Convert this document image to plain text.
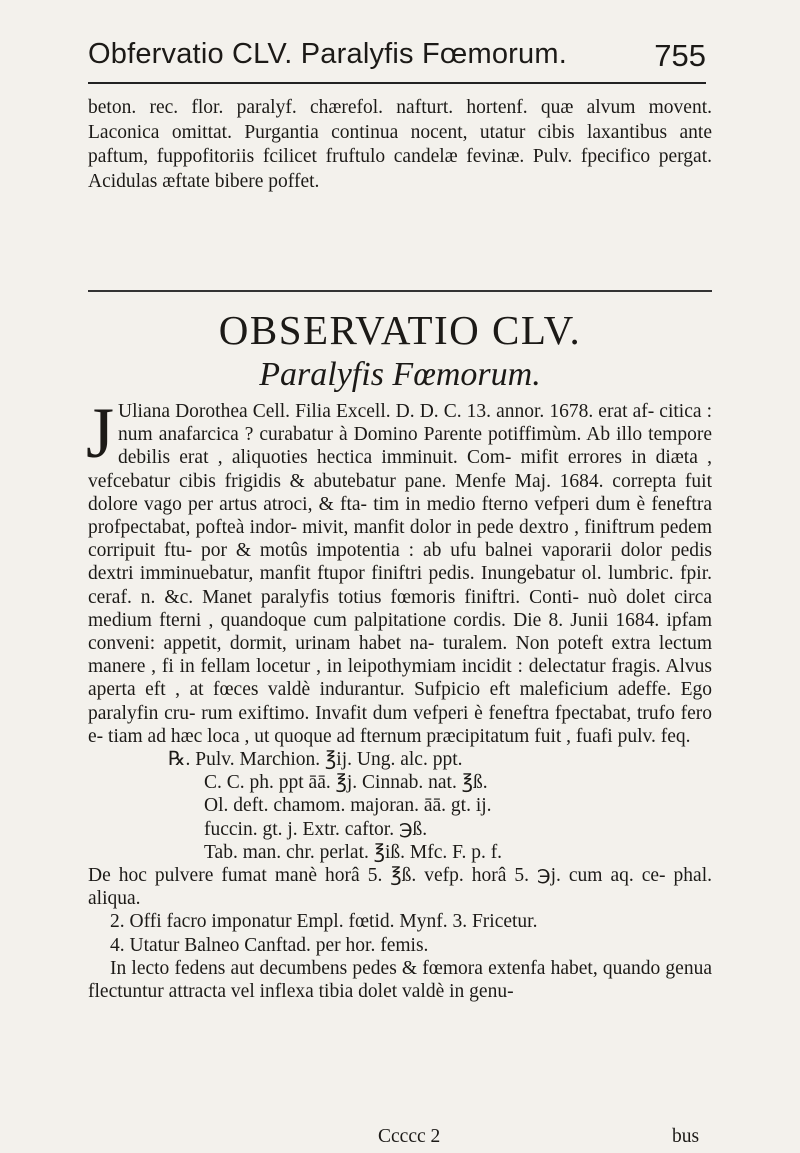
Obfervatio CLV. Paralyfis Fœmorum.	755
beton. rec. flor. paralyf. chærefol. nafturt. hortenf. quæ alvum movent. Laconica omittat. Purgantia continua nocent, utatur cibis laxantibus ante paftum, fuppofitoriis fcilicet fruftulo candelæ fevinæ. Pulv. fpecifico pergat. Acidulas æftate bibere poffet.
OBSERVATIO CLV.
Paralyfis Fœmorum.

J Uliana Dorothea Cell. Filia Excell. D. D. C. 13. annor. 1678. erat af- citica : num anafarcica ? curabatur à Domino Parente potiffimùm. Ab illo tempore debilis erat , aliquoties hectica imminuit. Com- mifit errores in diæta , vefcebatur cibis frigidis & abutebatur pane. Menfe Maj. 1684. correpta fuit dolore vago per artus atroci, & fta- tim in medio fterno vefperi dum è feneftra profpectabat, pofteà indor- mivit, manfit dolor in pede dextro , finiftrum pedem corripuit ftu- por & motûs impotentia : ab ufu balnei vaporarii dolor pedis dextri imminuebatur, manfit ftupor finiftri pedis. Inungebatur ol. lumbric. fpir. ceraf. n. &c. Manet paralyfis totius fœmoris finiftri. Conti- nuò dolet circa medium fterni , quandoque cum palpitatione cordis. Die 8. Junii 1684. ipfam conveni: appetit, dormit, urinam habet na- turalem. Non poteft extra lectum manere , fi in fellam locetur , in leipothymiam incidit : delectatur fragis. Alvus aperta eft , at fœces valdè indurantur. Sufpicio eft maleficium adeffe. Ego paralyfin cru- rum exiftimo. Invafit dum vefperi è feneftra fpectabat, trufo fero e- tiam ad hæc loca , ut quoque ad fternum præcipitatum fuit , fuafi pulv. feq.

℞. Pulv. Marchion. ℥ij. Ung. alc. ppt.
C. C. ph. ppt āā. ℥j. Cinnab. nat. ℥ß.
Ol. deft. chamom. majoran. āā. gt. ij.
fuccin. gt. j. Extr. caftor. ℈ß.
Tab. man. chr. perlat. ℥iß. Mfc. F. p. f.

De hoc pulvere fumat manè horâ 5. ℥ß. vefp. horâ 5. ℈j. cum aq. ce- phal. aliqua.

2. Offi facro imponatur Empl. fœtid. Mynf. 3. Fricetur.

4. Utatur Balneo Canftad. per hor. femis.

In lecto fedens aut decumbens pedes & fœmora extenfa habet, quando genua flectuntur attracta vel inflexa tibia dolet valdè in genu-

Ccccc 2	bus
